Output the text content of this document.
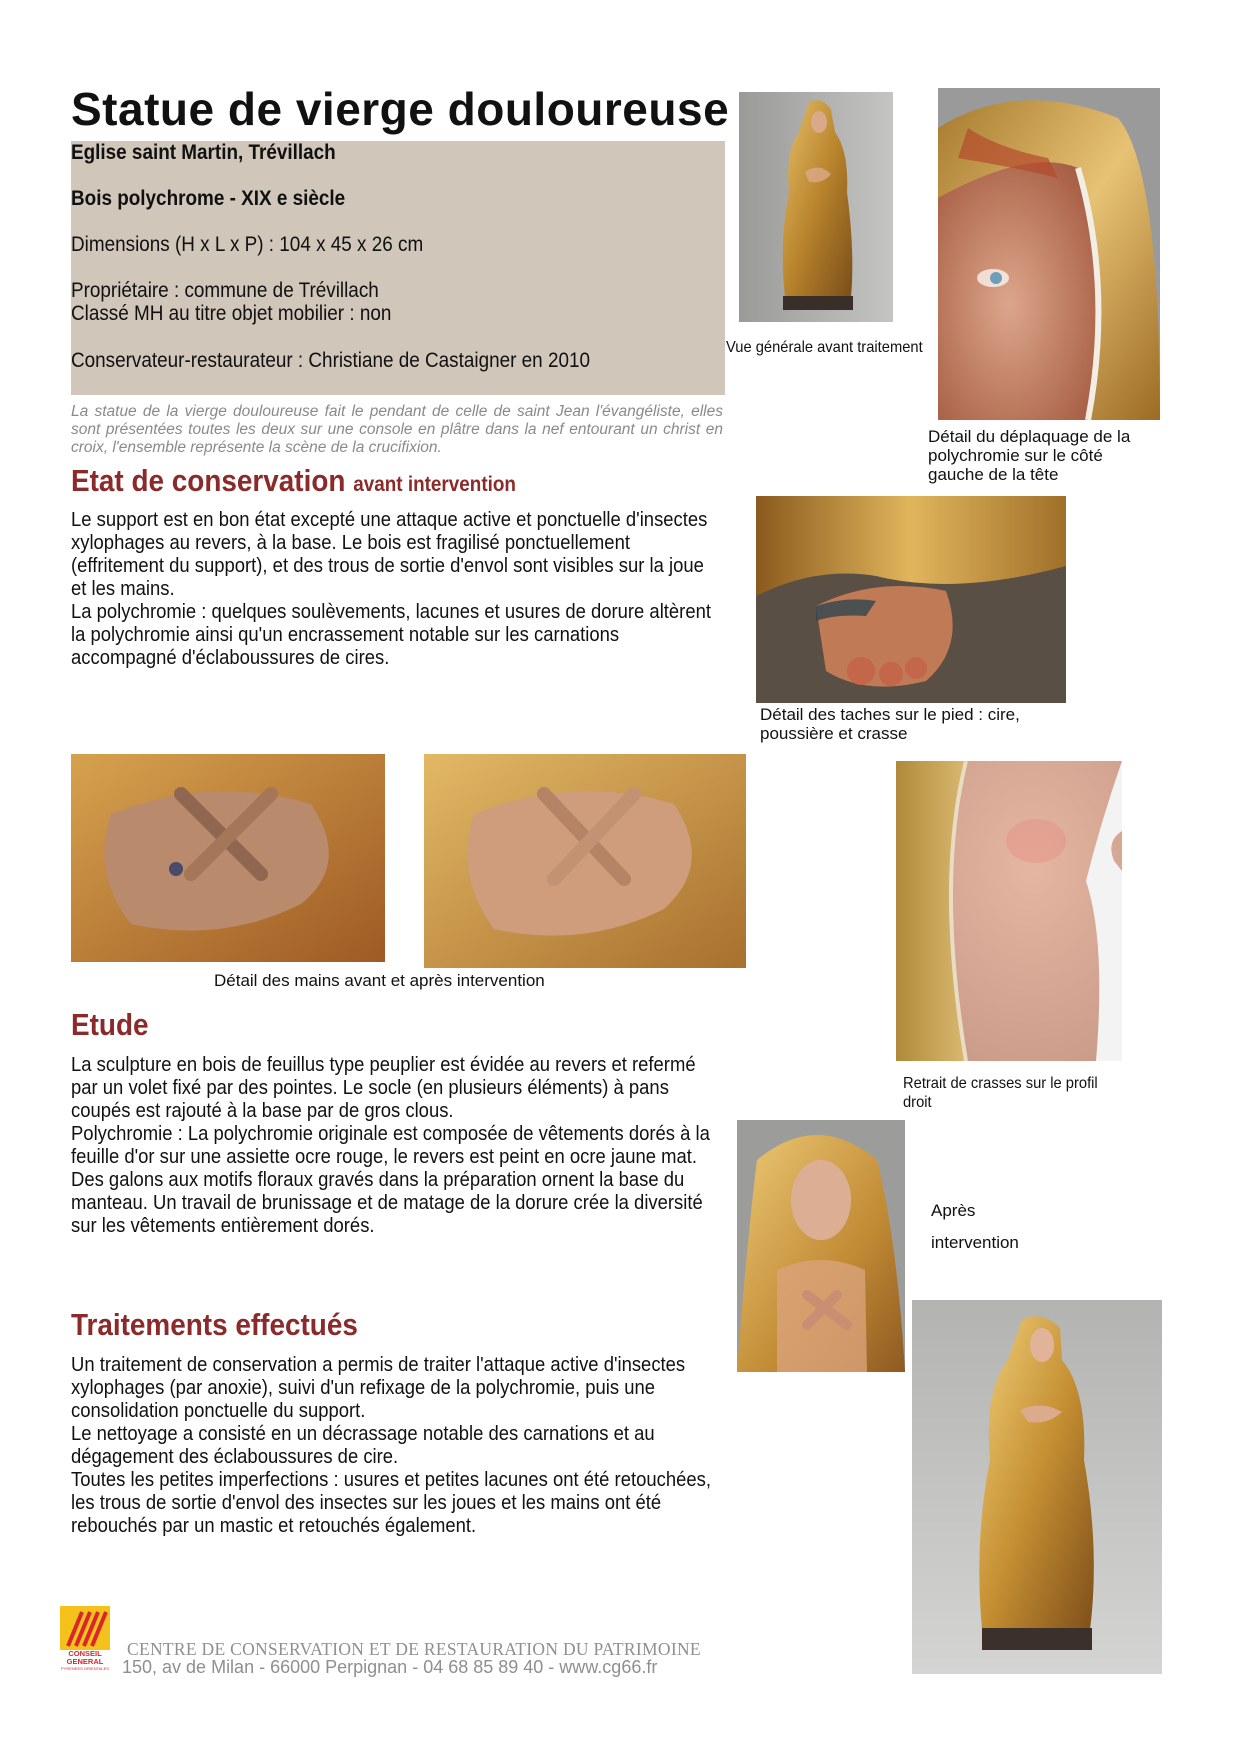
Statue de vierge douloureuse
Eglise saint Martin, Trévillach
Bois polychrome - XIX e siècle
Dimensions (H x L x P) : 104 x 45 x 26 cm
Propriétaire : commune de Trévillach
Classé MH au titre objet mobilier : non
Conservateur-restaurateur : Christiane de Castaigner en 2010
La statue de la vierge douloureuse fait le pendant de celle de saint Jean l'évangéliste, elles sont présentées toutes les deux sur une console en plâtre dans la nef entourant un christ en croix, l'ensemble représente la scène de la crucifixion.
Etat de conservation avant intervention

Le support est en bon état excepté une attaque active et ponctuelle d'insectes xylophages au revers, à la base. Le bois est fragilisé ponctuellement (effritement du support), et des trous de sortie d'envol sont visibles sur la joue et les mains.

La polychromie : quelques soulèvements, lacunes et usures de dorure altèrent la polychromie ainsi qu'un encrassement notable sur les carnations accompagné d'éclaboussures de cires.

Etude

La sculpture en bois de feuillus type peuplier est évidée au revers et refermé par un volet fixé par des pointes. Le socle (en plusieurs éléments) à pans coupés est rajouté à la base par de gros clous.

Polychromie : La polychromie originale est composée de vêtements dorés à la feuille d'or sur une assiette ocre rouge, le revers est peint en ocre jaune mat. Des galons aux motifs floraux gravés dans la préparation ornent la base du manteau. Un travail de brunissage et de matage de la dorure crée la diversité sur les vêtements entièrement dorés.

Traitements effectués

Un traitement de conservation a permis de traiter l'attaque active d'insectes xylophages (par anoxie), suivi d'un refixage de la polychromie, puis une consolidation ponctuelle du support.

Le nettoyage a consisté en un décrassage notable des carnations et au dégagement des éclaboussures de cire.

Toutes les petites imperfections : usures et petites lacunes ont été retouchées, les trous de sortie d'envol des insectes sur les joues et les mains ont été rebouchés par un mastic et retouchés également.

Vue générale avant traitement
Détail du déplaquage de la polychromie sur le côté gauche de la tête
Détail des taches sur le pied : cire, poussière et crasse
Détail des mains avant et après intervention
Retrait de crasses sur le profil droit
Après
intervention
CONSEIL
GENERAL
PYRENEES ORIENTALES
CENTRE DE CONSERVATION ET DE RESTAURATION DU PATRIMOINE
150, av de Milan - 66000 Perpignan - 04 68 85 89 40 - www.cg66.fr
